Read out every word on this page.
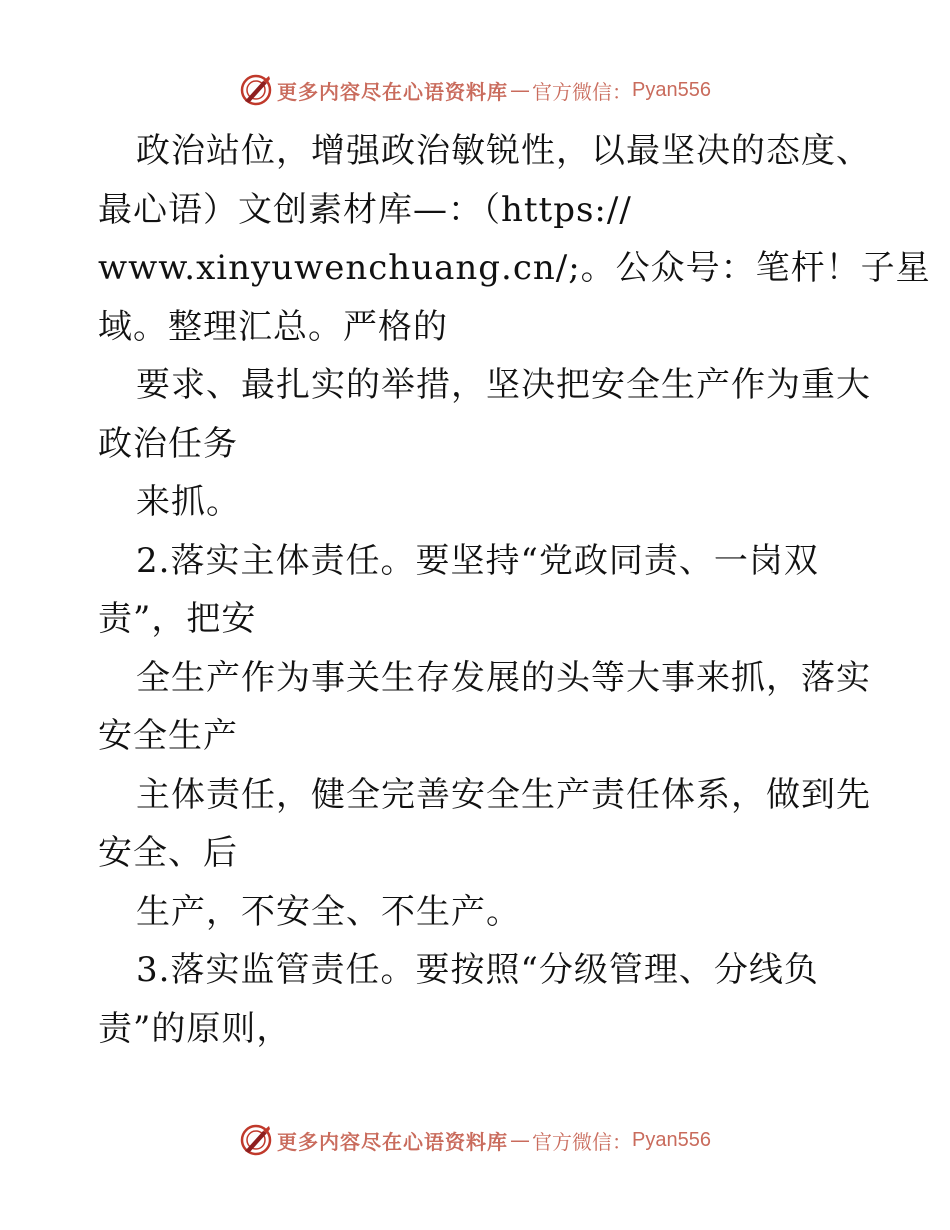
更多内容尽在心语资料库 — 官方微信： Pyan556
政治站位，增强政治敏锐性，以最坚决的态度、
最心语）文创素材库—：（https://
www.xinyuwenchuang.cn/;。公众号：笔杆！子星
域。整理汇总。严格的
要求、最扎实的举措，坚决把安全生产作为重大
政治任务
来抓。
2.落实主体责任。要坚持“党政同责、一岗双
责”，把安
全生产作为事关生存发展的头等大事来抓，落实
安全生产
主体责任，健全完善安全生产责任体系，做到先
安全、后
生产，不安全、不生产。
3.落实监管责任。要按照“分级管理、分线负
责”的原则，
更多内容尽在心语资料库 — 官方微信： Pyan556
